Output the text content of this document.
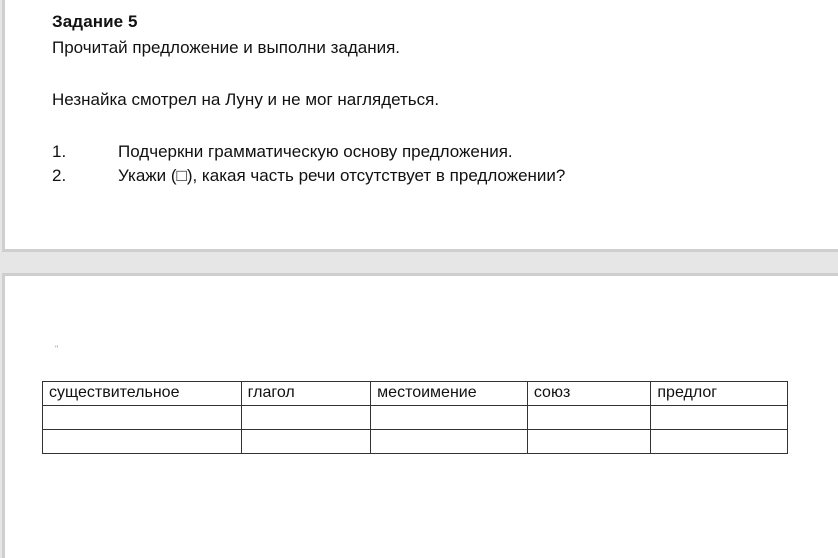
Задание 5
Прочитай предложение и выполни задания.
Незнайка смотрел на Луну и не мог наглядеться.
1.	Подчеркни грамматическую основу предложения.
2.	Укажи (□), какая часть речи отсутствует в предложении?
"
существительное	глагол	местоимение	союз	предлог
